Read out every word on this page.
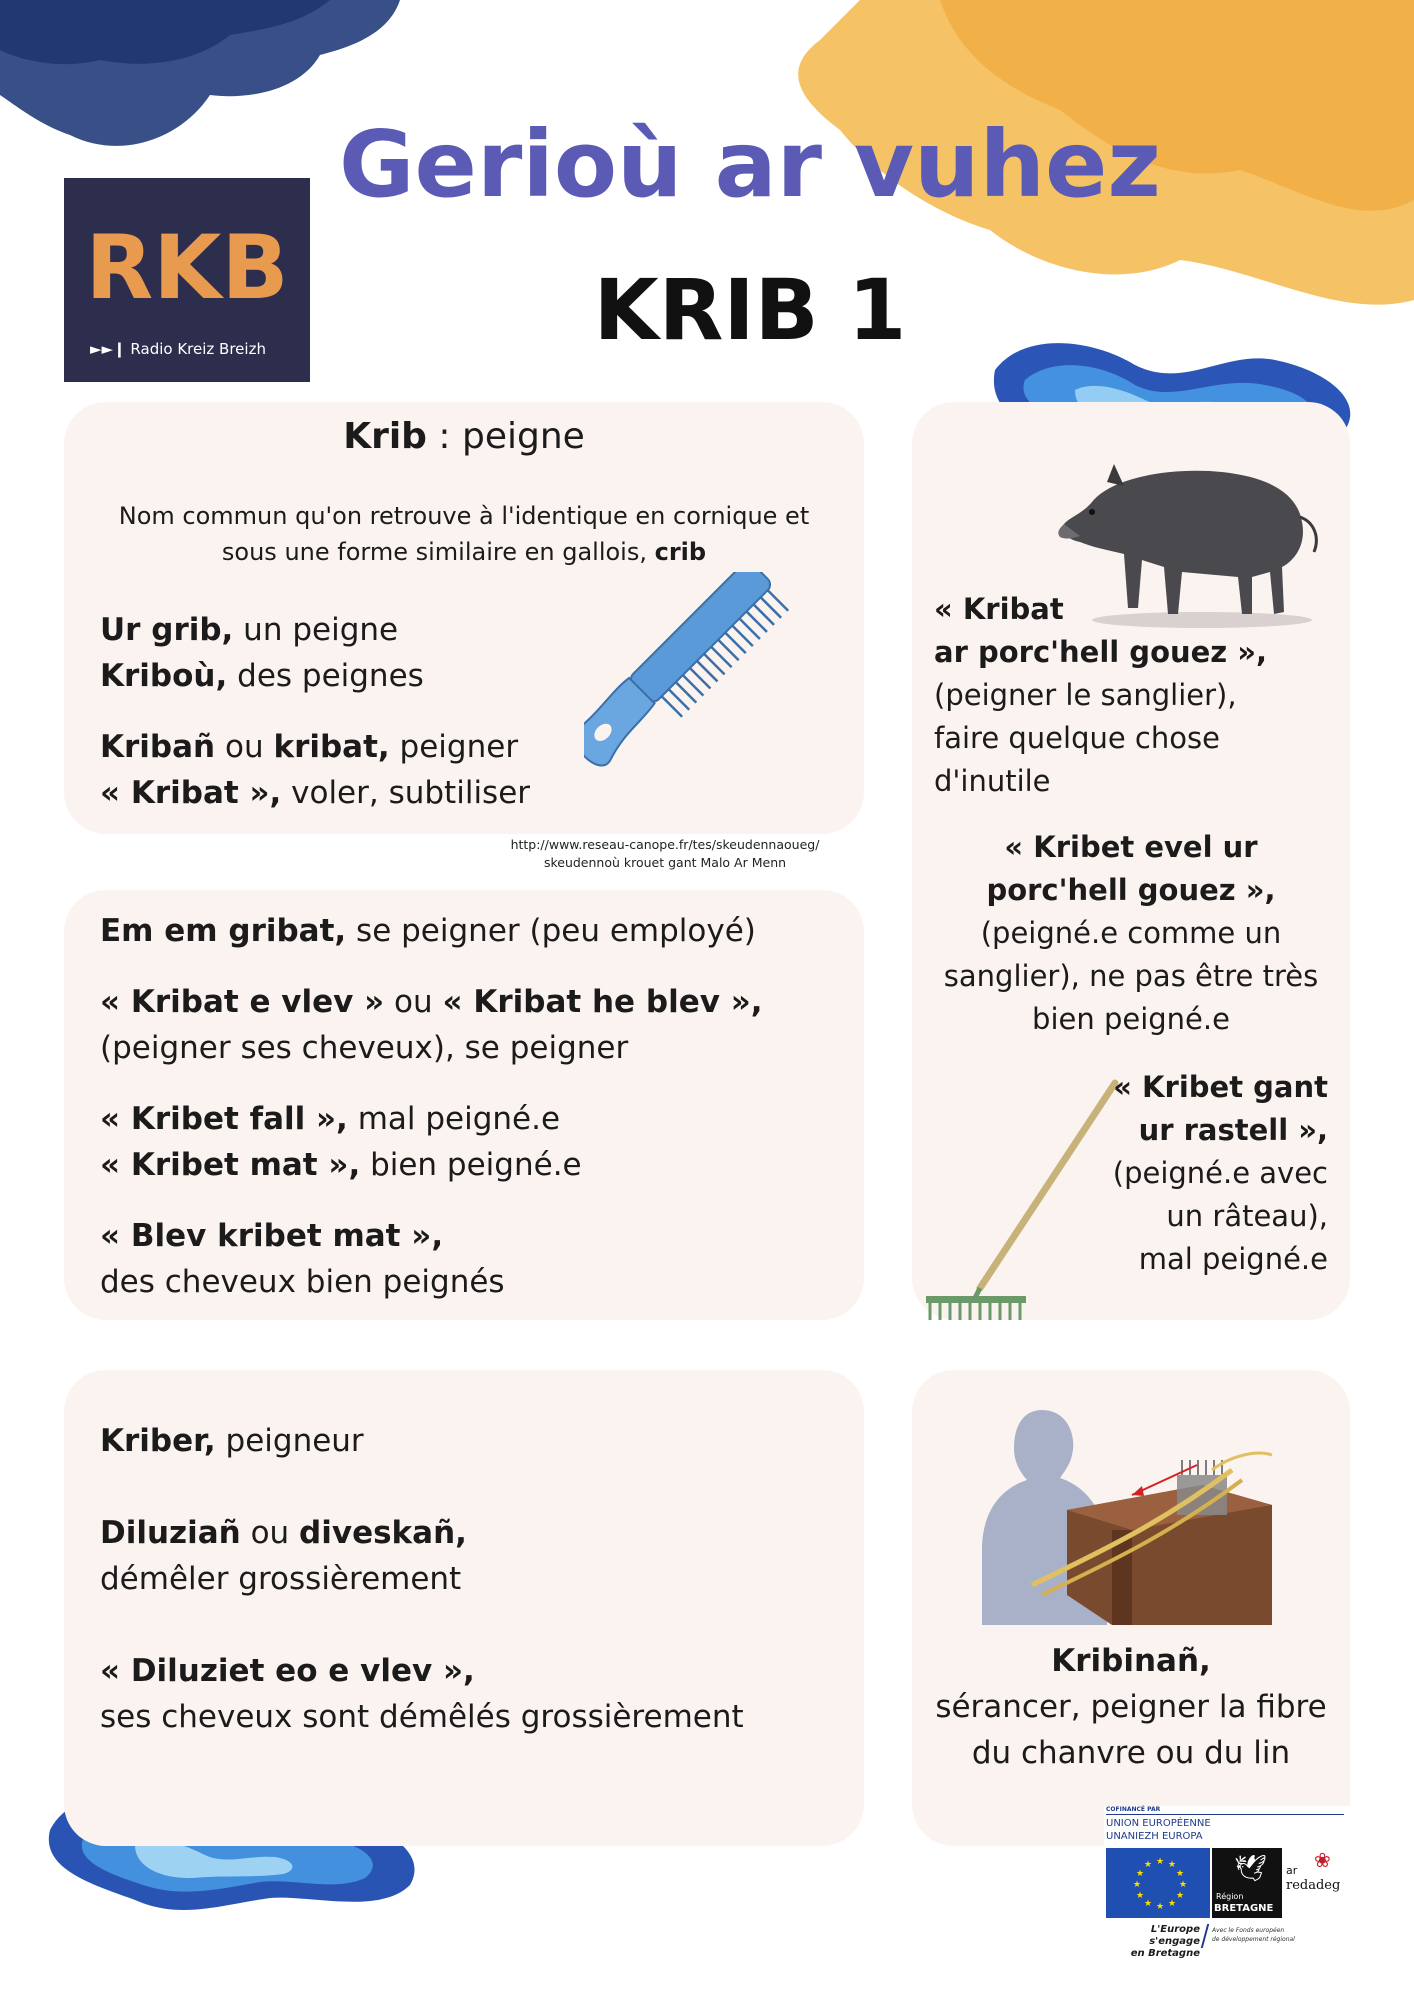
Gerioù ar vuhez
KRIB 1
RKB
►►❙ Radio Kreiz Breizh
Krib : peigne
Nom commun qu'on retrouve à l'identique en cornique et
sous une forme similaire en gallois, crib
Ur grib, un peigne
Kriboù, des peignes
Kribañ ou kribat, peigner
« Kribat », voler, subtiliser
http://www.reseau-canope.fr/tes/skeudennaoueg/
skeudennoù krouet gant Malo Ar Menn
Em em gribat, se peigner (peu employé)
« Kribat e vlev » ou « Kribat he blev »,
(peigner ses cheveux), se peigner
« Kribet fall », mal peigné.e
« Kribet mat », bien peigné.e
« Blev kribet mat »,
des cheveux bien peignés
« Kribat
ar porc'hell gouez »,
(peigner le sanglier),
faire quelque chose
d'inutile
« Kribet evel ur
porc'hell gouez »,
(peigné.e comme un
sanglier), ne pas être très
bien peigné.e
« Kribet gant
ur rastell »,
(peigné.e avec
un râteau),
mal peigné.e
Kriber, peigneur
Diluziañ ou diveskañ,
démêler grossièrement
« Diluziet eo e vlev »,
ses cheveux sont démêlés grossièrement
Kribinañ,
sérancer, peigner la fibre
du chanvre ou du lin
COFINANCÉ PAR
UNION EUROPÉENNE
UNANIEZH EUROPA
★ ★
★
★
★
★
★
★
★
★
★
★	🕊
Région
BRETAGNE
❀
ar
redadeg
L'Europe s'engage
en Bretagne
Avec le Fonds européen
de développement régional
